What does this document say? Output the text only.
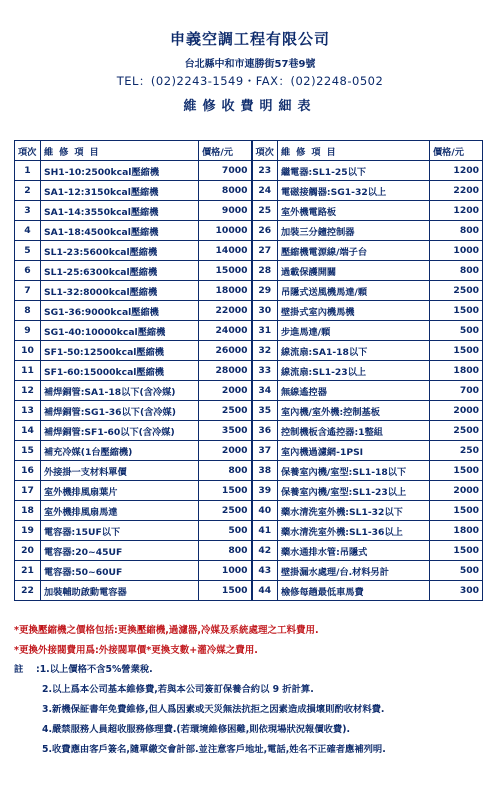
申義空調工程有限公司
台北縣中和市連勝街57巷9號
TEL：(02)2243-1549・FAX：(02)2248-0502
維修收費明細表
項次	維修項目	價格/元	項次	維修項目	價格/元
1	SH1-10:2500kcal壓縮機	7000	23	繼電器:SL1-25以下	1200
2	SA1-12:3150kcal壓縮機	8000	24	電磁接觸器:SG1-32以上	2200
3	SA1-14:3550kcal壓縮機	9000	25	室外機電路板	1200
4	SA1-18:4500kcal壓縮機	10000	26	加裝三分鐘控制器	800
5	SL1-23:5600kcal壓縮機	14000	27	壓縮機電源線/端子台	1000
6	SL1-25:6300kcal壓縮機	15000	28	過載保護開關	800
7	SL1-32:8000kcal壓縮機	18000	29	吊隱式送風機馬達/顆	2500
8	SG1-36:9000kcal壓縮機	22000	30	壁掛式室內機馬機	1500
9	SG1-40:10000kcal壓縮機	24000	31	步進馬達/顆	500
10	SF1-50:12500kcal壓縮機	26000	32	線流扇:SA1-18以下	1500
11	SF1-60:15000kcal壓縮機	28000	33	線流扇:SL1-23以上	1800
12	補焊銅管:SA1-18以下(含冷媒)	2000	34	無線遙控器	700
13	補焊銅管:SG1-36以下(含冷媒)	2500	35	室內機/室外機:控制基板	2000
14	補焊銅管:SF1-60以下(含冷媒)	3500	36	控制機板含遙控器:1整組	2500
15	補充冷媒(1台壓縮機)	2000	37	室內機過濾網-1PSI	250
16	外接掛一支材料單價	800	38	保養室內機/室型:SL1-18以下	1500
17	室外機排風扇葉片	1500	39	保養室內機/室型:SL1-23以上	2000
18	室外機排風扇馬達	2500	40	藥水清洗室外機:SL1-32以下	1500
19	電容器:15UF以下	500	41	藥水清洗室外機:SL1-36以上	1800
20	電容器:20~45UF	800	42	藥水通排水管:吊隱式	1500
21	電容器:50~60UF	1000	43	壁掛漏水處理/台.材料另計	500
22	加裝輔助啟動電容器	1500	44	檢修每趟最低車馬費	300
*更換壓縮機之價格包括:更換壓縮機,過濾器,冷媒及系統處理之工料費用.
*更換外接閥費用爲:外接閥單價*更換支數+灌冷媒之費用.
註 :1.以上價格不含5%營業稅.
2.以上爲本公司基本維修費,若與本公司簽訂保養合約以 9 折計算.
3.新機保証書年免費維修,但人爲因素或天災無法抗拒之因素造成損壞則酌收材料費.
4.嚴禁服務人員超收服務修理費.(若環境維修困難,則依現場狀況報價收費).
5.收費應由客戶簽名,隨單繳交會計部.並注意客戶地址,電話,姓名不正確者應補列明.
